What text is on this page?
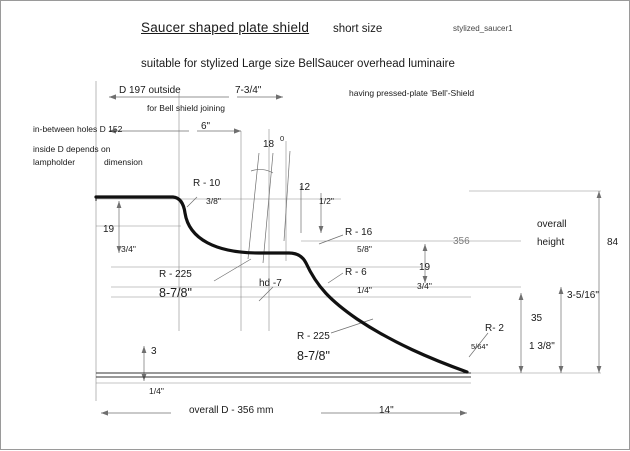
Saucer shaped plate shield short size	stylized_saucer1
suitable for stylized Large size BellSaucer overhead luminaire
having pressed-plate 'Bell'-Shield
D 197 outside	7-3/4"
for Bell shield joining
in-between holes D 152	6"
inside D depends on
lampholder	dimension
18
0
12
R - 10
3/8"
R - 16
5/8"
R - 6
1/4"
R - 225
8-7/8"
R - 225
8-7/8"
R- 2
5/64"
hd -7
19
3/4"
19
3/4"
1/2"
3
1/4"
356
overall
height	84
3-5/16"
35
1 3/8"
overall D - 356 mm	14"
